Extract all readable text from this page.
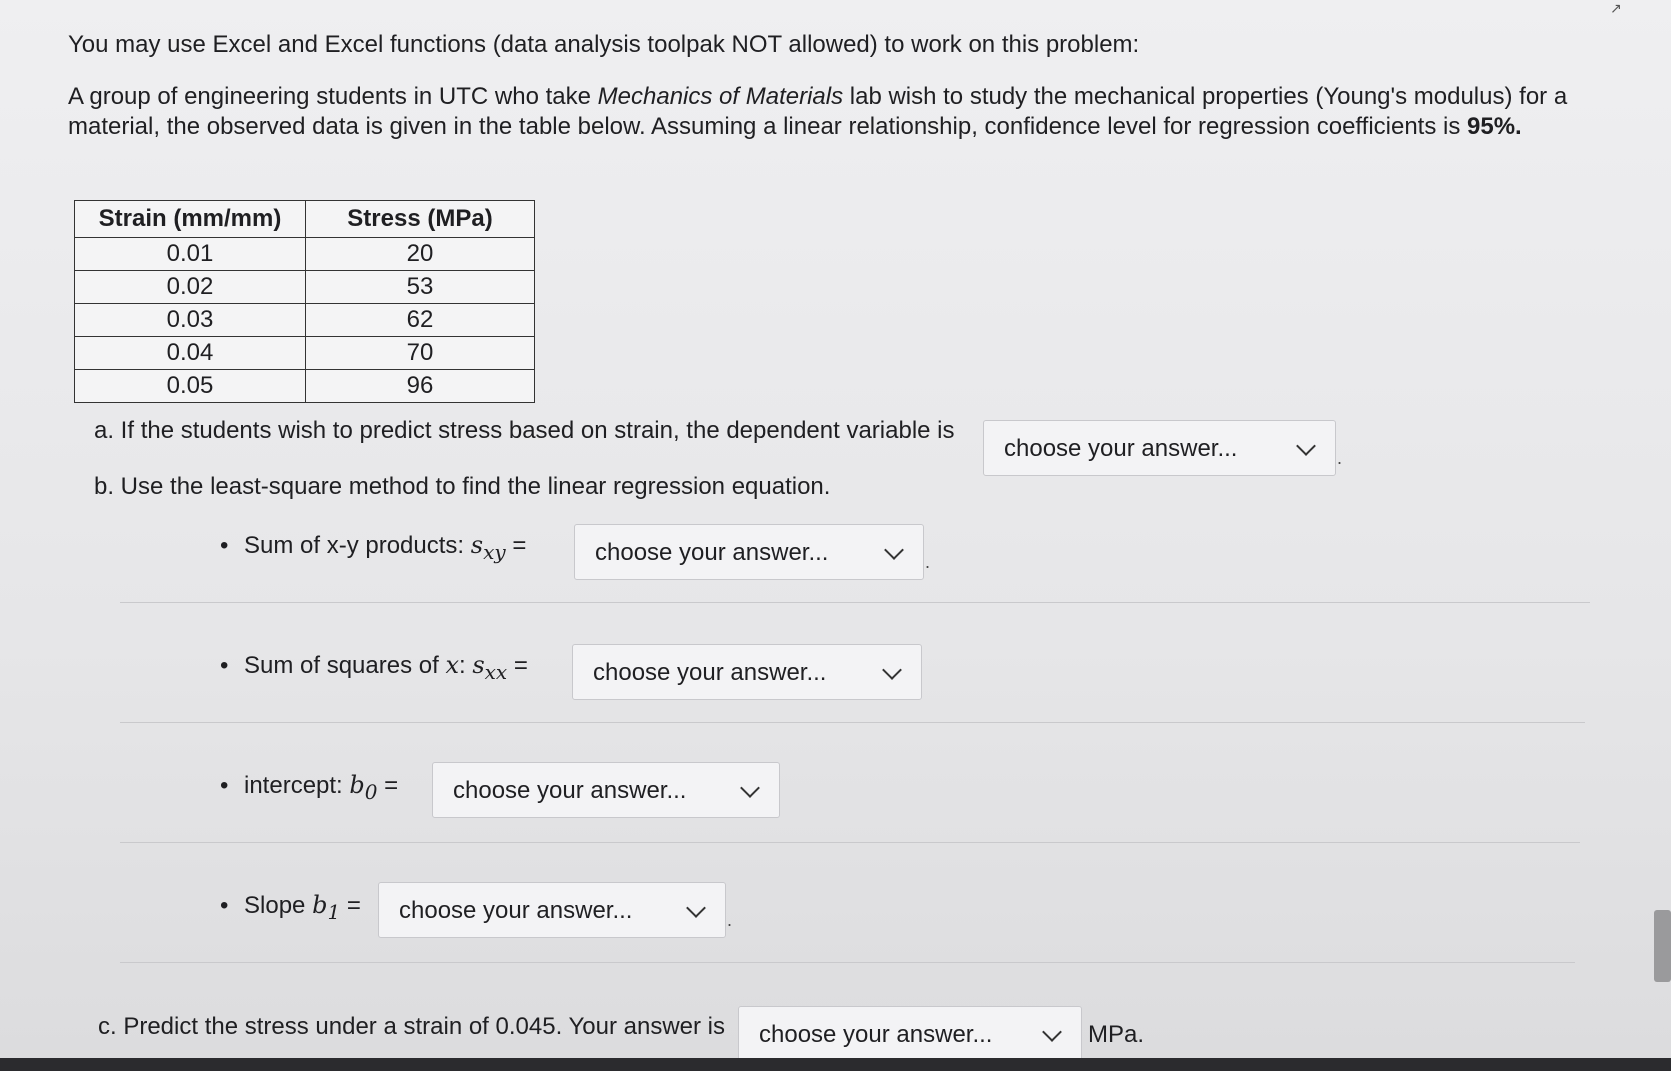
↗
You may use Excel and Excel functions (data analysis toolpak NOT allowed) to work on this problem:
A group of engineering students in UTC who take Mechanics of Materials lab wish to study the mechanical properties (Young's modulus) for a material, the observed data is given in the table below. Assuming a linear relationship, confidence level for regression coefficients is 95%.
Strain (mm/mm)	Stress (MPa)
0.01	20
0.02	53
0.03	62
0.04	70
0.05	96
a. If the students wish to predict stress based on strain, the dependent variable is
choose your answer...	.
b. Use the least-square method to find the linear regression equation.
• Sum of x-y products: $s_{xy}$ =	choose your answer...	.
• Sum of squares of x: $s_{xx}$ =	choose your answer...
• intercept: $b_0$ =	choose your answer...
• Slope $b_1$ =	choose your answer...	.
c. Predict the stress under a strain of 0.045. Your answer is	choose your answer...	MPa.
